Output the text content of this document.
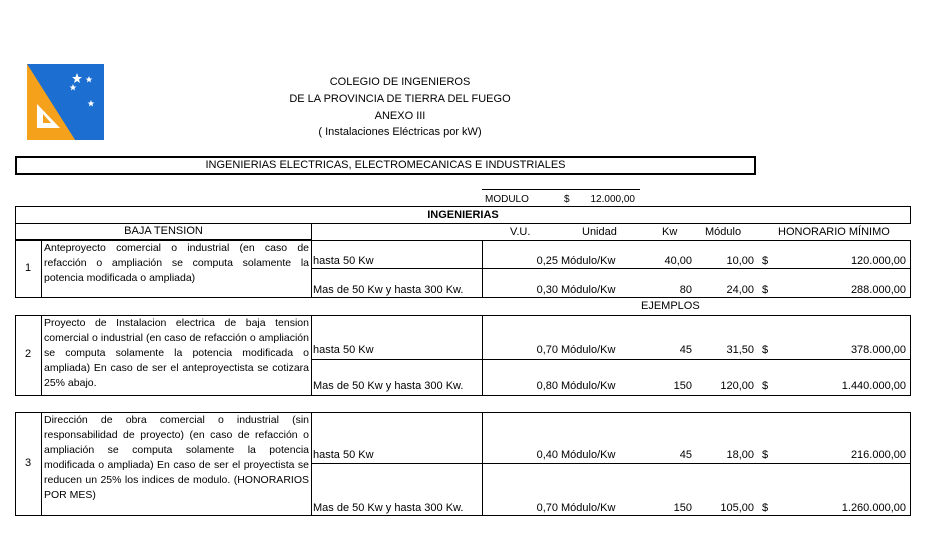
COLEGIO DE INGENIEROS
DE LA PROVINCIA DE TIERRA DEL FUEGO
ANEXO III
( Instalaciones Eléctricas por kW)
INGENIERIAS ELECTRICAS, ELECTROMECANICAS E INDUSTRIALES
MODULO	$	12.000,00
INGENIERIAS
BAJA TENSION	V.U.	Unidad	Kw	Módulo	HONORARIO MÍNIMO
1
Anteproyecto comercial o industrial (en caso de refacción o ampliación se computa solamente la potencia modificada o ampliada)
hasta 50 Kw	0,25 Módulo/Kw	40,00	10,00 $	120.000,00
Mas de 50 Kw y hasta 300 Kw.	0,30 Módulo/Kw	80	24,00 $	288.000,00
EJEMPLOS
2
Proyecto de Instalacion electrica de baja tension comercial o industrial (en caso de refacción o ampliación se computa solamente la potencia modificada o ampliada) En caso de ser el anteproyectista se cotizara 25% abajo.
hasta 50 Kw	0,70 Módulo/Kw	45	31,50 $	378.000,00
Mas de 50 Kw y hasta 300 Kw.	0,80 Módulo/Kw	150	120,00 $	1.440.000,00
3
Dirección de obra comercial o industrial (sin responsabilidad de proyecto) (en caso de refacción o ampliación se computa solamente la potencia modificada o ampliada) En caso de ser el proyectista se reducen un 25% los indices de modulo. (HONORARIOS POR MES)
hasta 50 Kw	0,40 Módulo/Kw	45	18,00 $	216.000,00
Mas de 50 Kw y hasta 300 Kw.	0,70 Módulo/Kw	150	105,00 $	1.260.000,00
